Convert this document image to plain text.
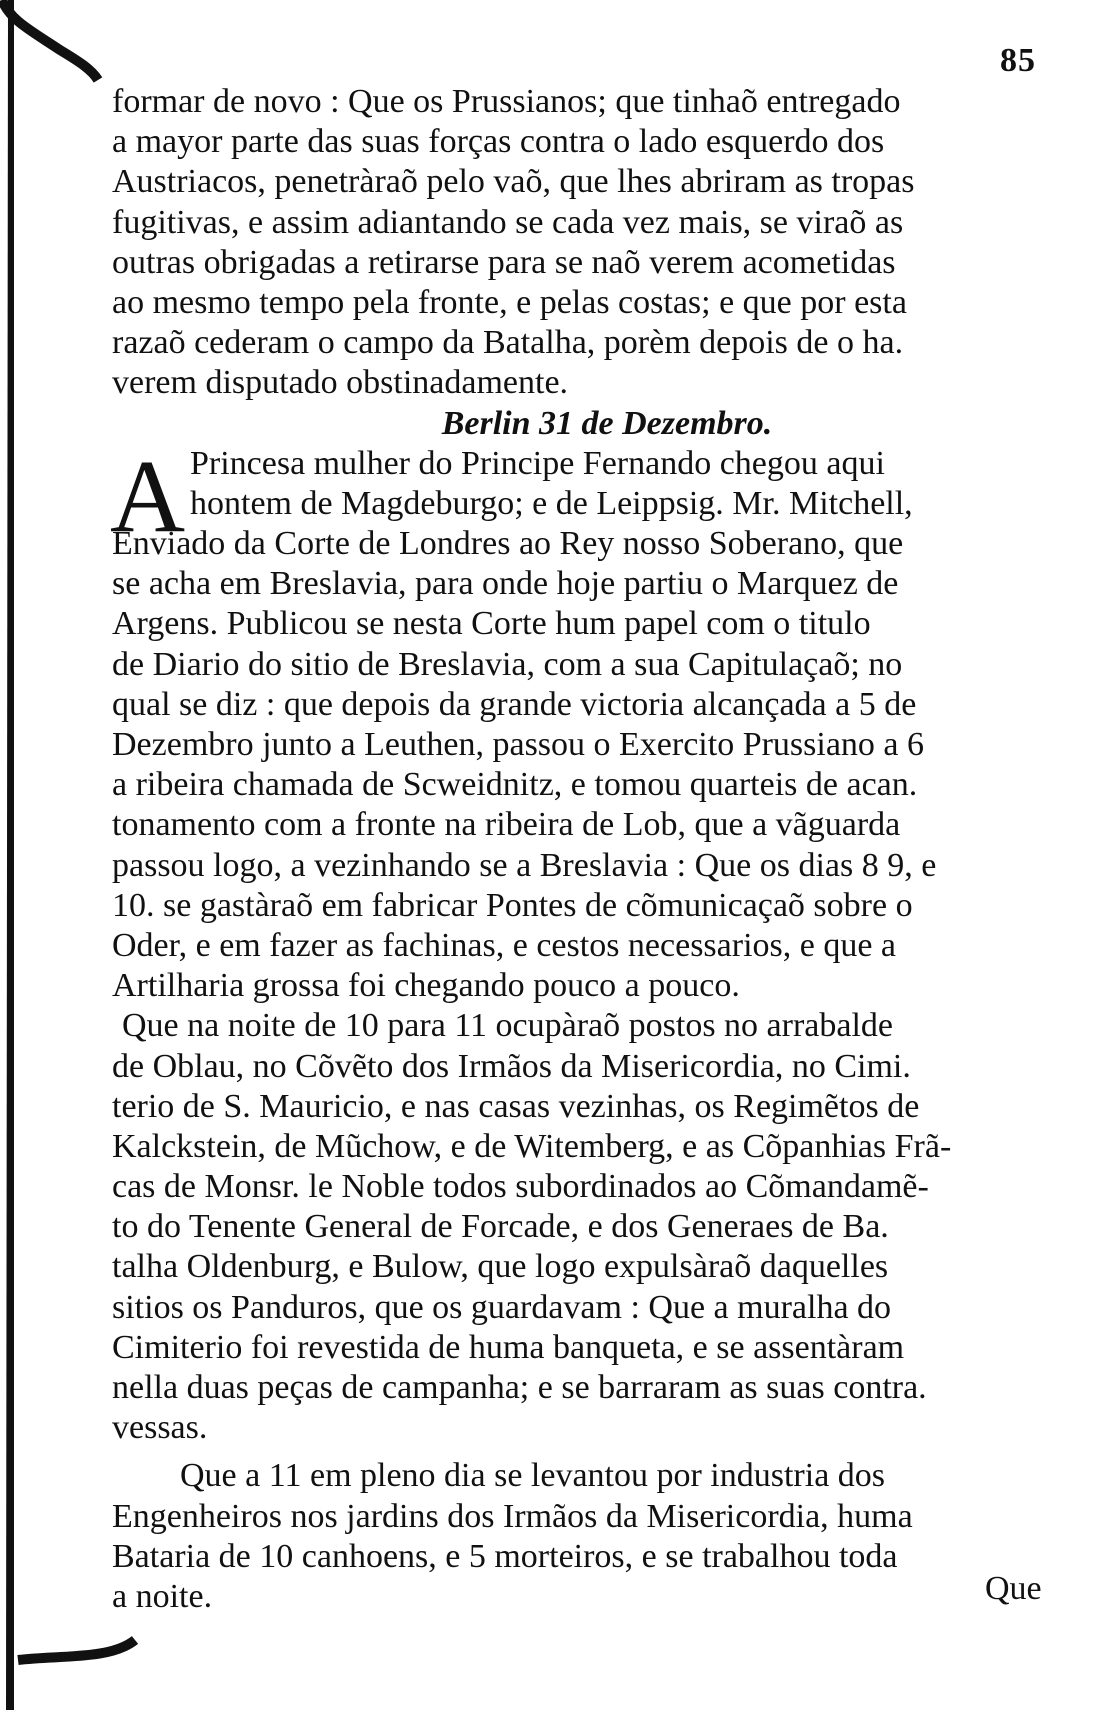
85
formar de novo : Que os Prussianos; que tinhaõ entregado
a mayor parte das suas forças contra o lado esquerdo dos
Austriacos, penetràraõ pelo vaõ, que lhes abriram as tropas
fugitivas, e assim adiantando se cada vez mais, se viraõ as
outras obrigadas a retirarse para se naõ verem acometidas
ao mesmo tempo pela fronte, e pelas costas; e que por esta
razaõ cederam o campo da Batalha, porèm depois de o ha.
verem disputado obstinadamente.
Berlin 31 de Dezembro.
Princesa mulher do Principe Fernando chegou aqui
hontem de Magdeburgo; e de Leippsig. Mr. Mitchell,
Enviado da Corte de Londres ao Rey nosso Soberano, que
se acha em Breslavia, para onde hoje partiu o Marquez de
Argens. Publicou se nesta Corte hum papel com o titulo
de Diario do sitio de Breslavia, com a sua Capitulaçaõ; no
qual se diz : que depois da grande victoria alcançada a 5 de
Dezembro junto a Leuthen, passou o Exercito Prussiano a 6
a ribeira chamada de Scweidnitz, e tomou quarteis de acan.
tonamento com a fronte na ribeira de Lob, que a vãguarda
passou logo, a vezinhando se a Breslavia : Que os dias 8 9, e
10. se gastàraõ em fabricar Pontes de cõmunicaçaõ sobre o
Oder, e em fazer as fachinas, e cestos necessarios, e que a
Artilharia grossa foi chegando pouco a pouco.
Que na noite de 10 para 11 ocupàraõ postos no arrabalde
de Oblau, no Cõvẽto dos Irmãos da Misericordia, no Cimi.
terio de S. Mauricio, e nas casas vezinhas, os Regimẽtos de
Kalckstein, de Mũchow, e de Witemberg, e as Cõpanhias Frã-
cas de Monsr. le Noble todos subordinados ao Cõmandamẽ-
to do Tenente General de Forcade, e dos Generaes de Ba.
talha Oldenburg, e Bulow, que logo expulsàraõ daquelles
sitios os Panduros, que os guardavam : Que a muralha do
Cimiterio foi revestida de huma banqueta, e se assentàram
nella duas peças de campanha; e se barraram as suas contra.
vessas.
Que a 11 em pleno dia se levantou por industria dos
Engenheiros nos jardins dos Irmãos da Misericordia, huma
Bataria de 10 canhoens, e 5 morteiros, e se trabalhou toda
a noite.
A
Que
